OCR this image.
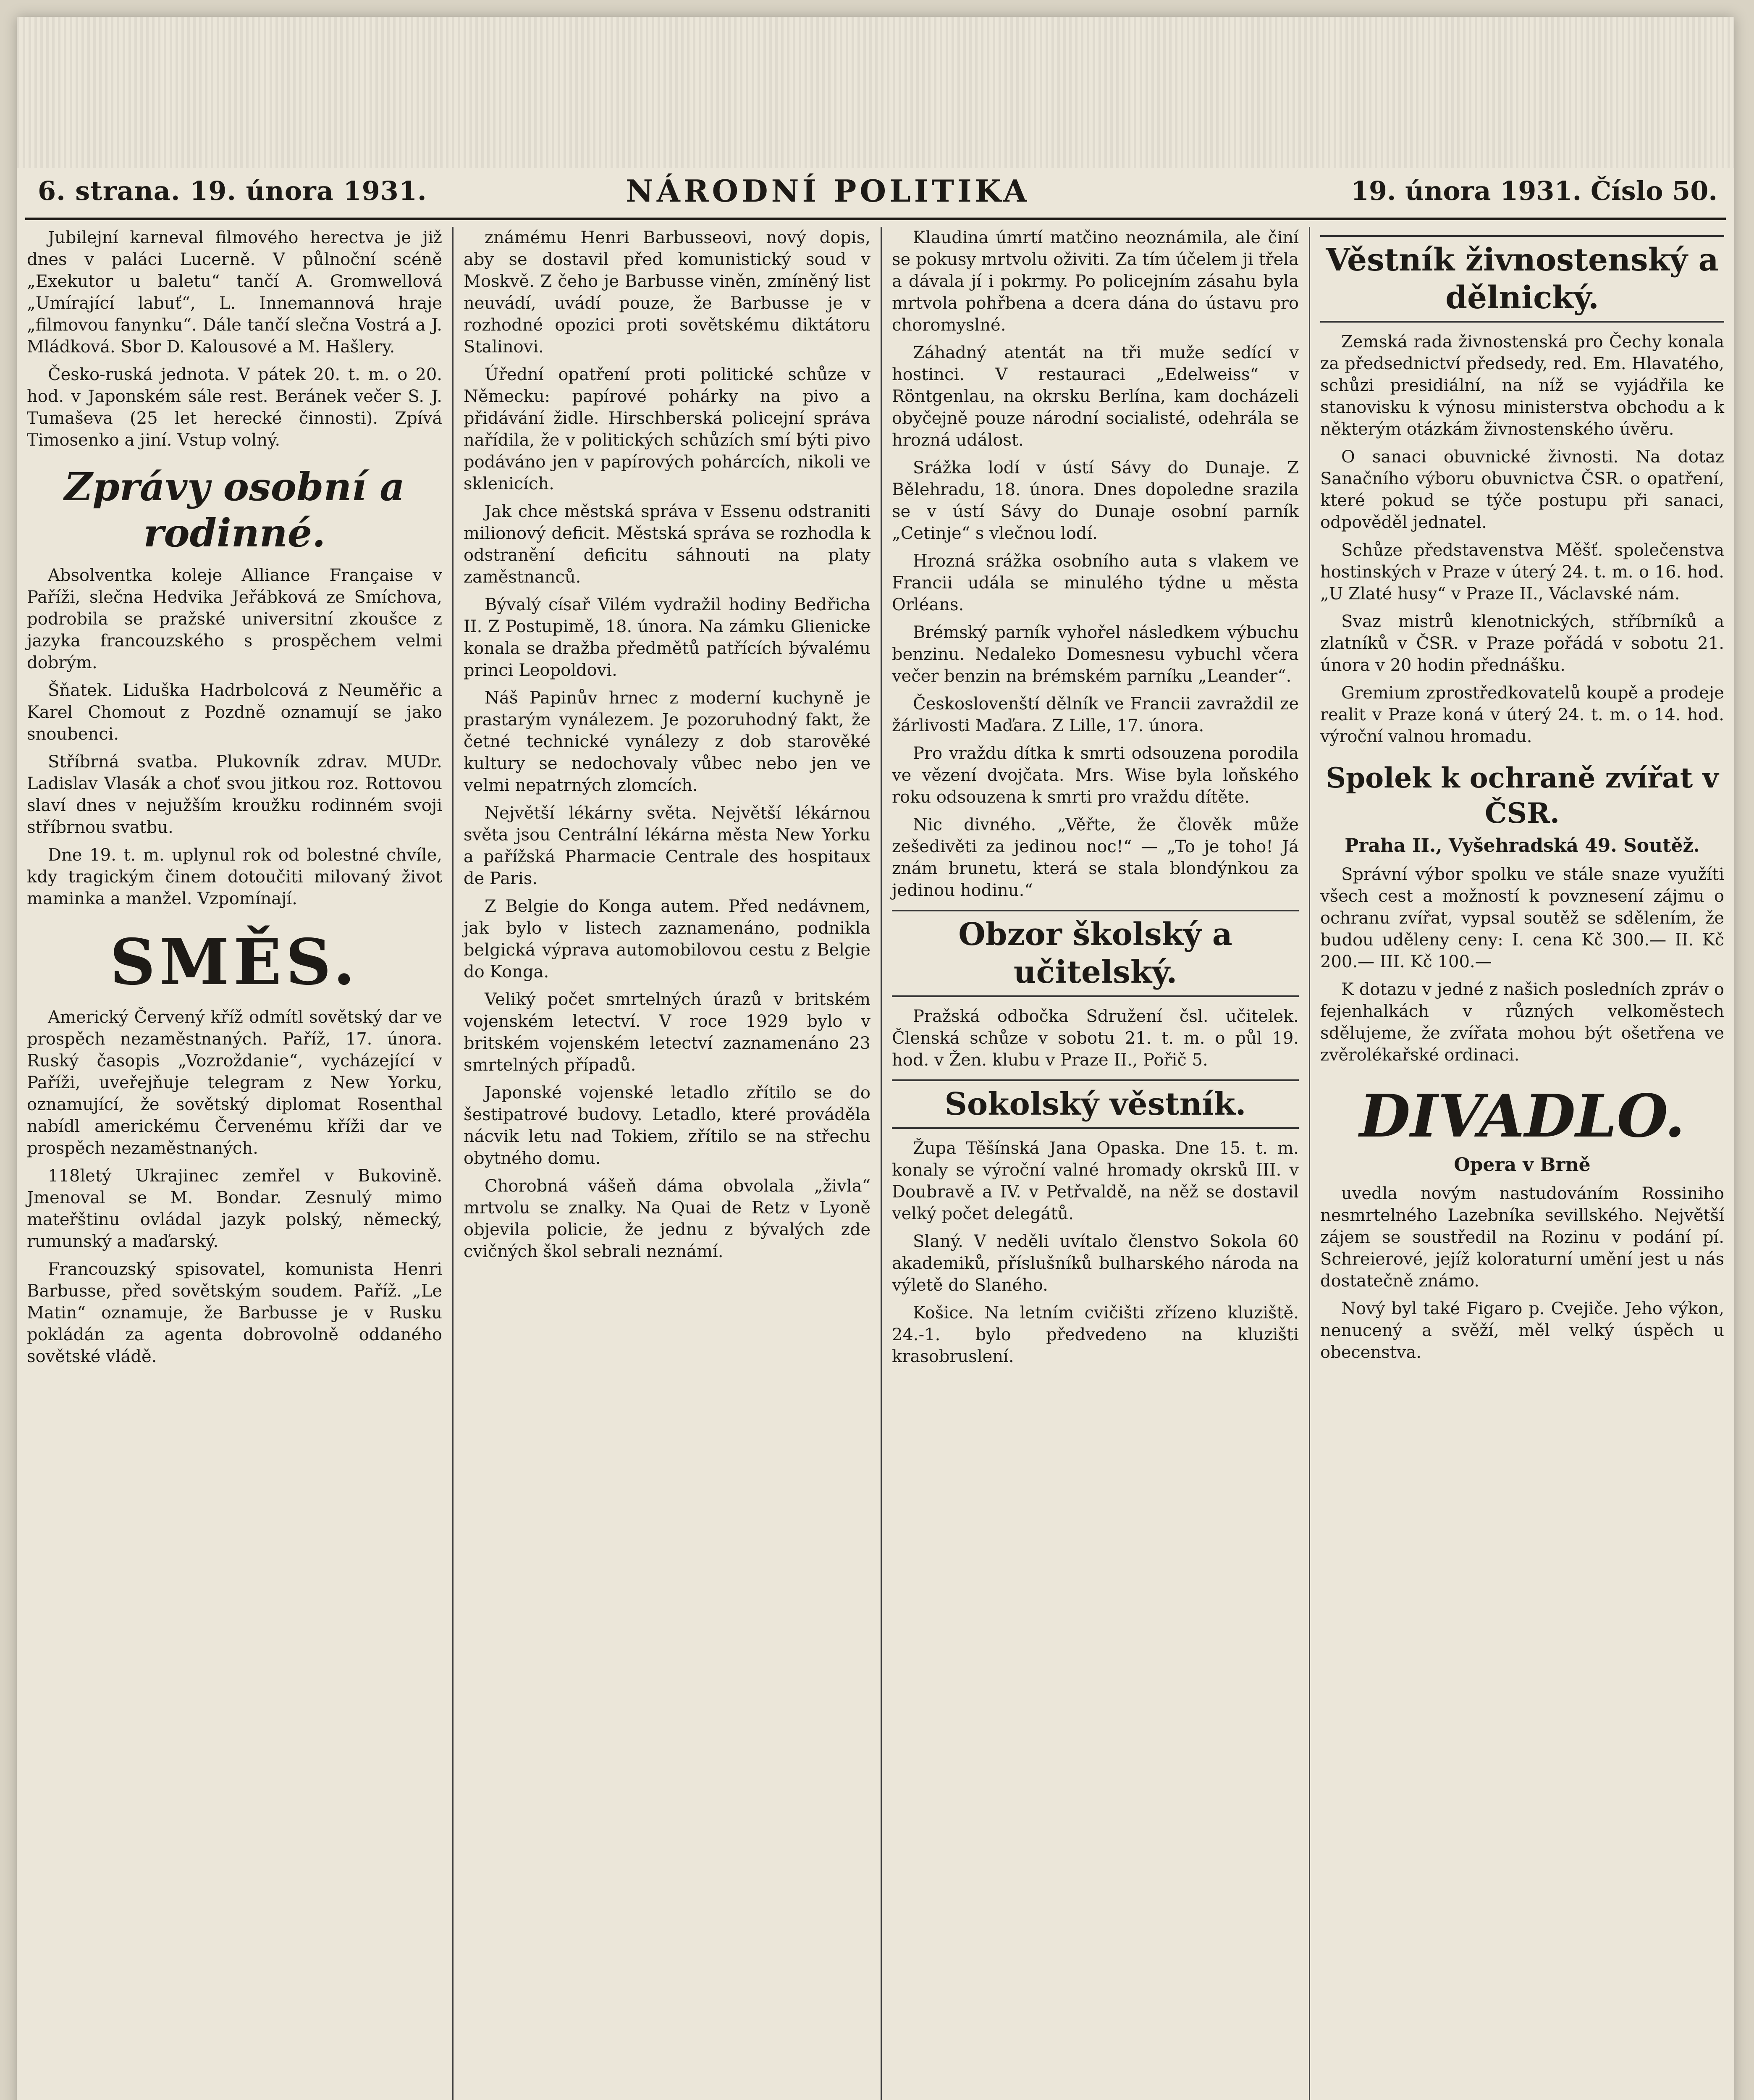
6. strana. 19. února 1931.	NÁRODNÍ POLITIKA	19. února 1931. Číslo 50.

Jubilejní karneval filmového herectva je již dnes v paláci Lucerně. V půlnoční scéně „Exekutor u baletu“ tančí A. Gromwellová „Umírající labuť“, L. Innemannová hraje „filmovou fanynku“. Dále tančí slečna Vostrá a J. Mládková. Sbor D. Kalousové a M. Hašlery.

Česko-ruská jednota. V pátek 20. t. m. o 20. hod. v Japonském sále rest. Beránek večer S. J. Tumaševa (25 let herecké činnosti). Zpívá Timosenko a jiní. Vstup volný.

Zprávy osobní a rodinné.

Absolventka koleje Alliance Française v Paříži, slečna Hedvika Jeřábková ze Smíchova, podrobila se pražské universitní zkoušce z jazyka francouzského s prospěchem velmi dobrým.

Šňatek. Liduška Hadrbolcová z Neuměřic a Karel Chomout z Pozdně oznamují se jako snoubenci.

Stříbrná svatba. Plukovník zdrav. MUDr. Ladislav Vlasák a choť svou jitkou roz. Rottovou slaví dnes v nejužším kroužku rodinném svoji stříbrnou svatbu.

Dne 19. t. m. uplynul rok od bolestné chvíle, kdy tragickým činem dotoučiti milovaný život maminka a manžel. Vzpomínají.

SMĚS.

Americký Červený kříž odmítl sovětský dar ve prospěch nezaměstnaných. Paříž, 17. února. Ruský časopis „Vozroždanie“, vycházející v Paříži, uveřejňuje telegram z New Yorku, oznamující, že sovětský diplomat Rosenthal nabídl americkému Červenému kříži dar ve prospěch nezaměstnaných.

118letý Ukrajinec zemřel v Bukovině. Jmenoval se M. Bondar. Zesnulý mimo mateřštinu ovládal jazyk polský, německý, rumunský a maďarský.

Francouzský spisovatel, komunista Henri Barbusse, před sovětským soudem. Paříž. „Le Matin“ oznamuje, že Barbusse je v Rusku pokládán za agenta dobrovolně oddaného sovětské vládě.

známému Henri Barbusseovi, nový dopis, aby se dostavil před komunistický soud v Moskvě. Z čeho je Barbusse viněn, zmíněný list neuvádí, uvádí pouze, že Barbusse je v rozhodné opozici proti sovětskému diktátoru Stalinovi.

Úřední opatření proti politické schůze v Německu: papírové pohárky na pivo a přidávání židle. Hirschberská policejní správa nařídila, že v politických schůzích smí býti pivo podáváno jen v papírových pohárcích, nikoli ve sklenicích.

Jak chce městská správa v Essenu odstraniti milionový deficit. Městská správa se rozhodla k odstranění deficitu sáhnouti na platy zaměstnanců.

Bývalý císař Vilém vydražil hodiny Bedřicha II. Z Postupimě, 18. února. Na zámku Glienicke konala se dražba předmětů patřících bývalému princi Leopoldovi.

Náš Papinův hrnec z moderní kuchyně je prastarým vynálezem. Je pozoruhodný fakt, že četné technické vynálezy z dob starověké kultury se nedochovaly vůbec nebo jen ve velmi nepatrných zlomcích.

Největší lékárny světa. Největší lékárnou světa jsou Centrální lékárna města New Yorku a pařížská Pharmacie Centrale des hospitaux de Paris.

Z Belgie do Konga autem. Před nedávnem, jak bylo v listech zaznamenáno, podnikla belgická výprava automobilovou cestu z Belgie do Konga.

Veliký počet smrtelných úrazů v britském vojenském letectví. V roce 1929 bylo v britském vojenském letectví zaznamenáno 23 smrtelných případů.

Japonské vojenské letadlo zřítilo se do šestipatrové budovy. Letadlo, které prováděla nácvik letu nad Tokiem, zřítilo se na střechu obytného domu.

Chorobná vášeň dáma obvolala „živla“ mrtvolu se znalky. Na Quai de Retz v Lyoně objevila policie, že jednu z bývalých zde cvičných škol sebrali neznámí.

Klaudina úmrtí matčino neoznámila, ale činí se pokusy mrtvolu oživiti. Za tím účelem ji třela a dávala jí i pokrmy. Po policejním zásahu byla mrtvola pohřbena a dcera dána do ústavu pro choromyslné.

Záhadný atentát na tři muže sedící v hostinci. V restauraci „Edelweiss“ v Röntgenlau, na okrsku Berlína, kam docházeli obyčejně pouze národní socialisté, odehrála se hrozná událost.

Srážka lodí v ústí Sávy do Dunaje. Z Bělehradu, 18. února. Dnes dopoledne srazila se v ústí Sávy do Dunaje osobní parník „Cetinje“ s vlečnou lodí.

Hrozná srážka osobního auta s vlakem ve Francii udála se minulého týdne u města Orléans.

Brémský parník vyhořel následkem výbuchu benzinu. Nedaleko Domesnesu vybuchl včera večer benzin na brémském parníku „Leander“.

Českoslovenští dělník ve Francii zavraždil ze žárlivosti Maďara. Z Lille, 17. února.

Pro vraždu dítka k smrti odsouzena porodila ve vězení dvojčata. Mrs. Wise byla loňského roku odsouzena k smrti pro vraždu dítěte.

Nic divného. „Věřte, že člověk může zešedivěti za jedinou noc!“ — „To je toho! Já znám brunetu, která se stala blondýnkou za jedinou hodinu.“

Obzor školský a učitelský.

Pražská odbočka Sdružení čsl. učitelek. Členská schůze v sobotu 21. t. m. o půl 19. hod. v Žen. klubu v Praze II., Pořič 5.

Sokolský věstník.

Župa Těšínská Jana Opaska. Dne 15. t. m. konaly se výroční valné hromady okrsků III. v Doubravě a IV. v Petřvaldě, na něž se dostavil velký počet delegátů.

Slaný. V neděli uvítalo členstvo Sokola 60 akademiků, příslušníků bulharského národa na výletě do Slaného.

Košice. Na letním cvičišti zřízeno kluziště. 24.-1. bylo předvedeno na kluzišti krasobruslení.

Věstník živnostenský a dělnický.

Zemská rada živnostenská pro Čechy konala za předsednictví předsedy, red. Em. Hlavatého, schůzi presidiální, na níž se vyjádřila ke stanovisku k výnosu ministerstva obchodu a k některým otázkám živnostenského úvěru.

O sanaci obuvnické živnosti. Na dotaz Sanačního výboru obuvnictva ČSR. o opatření, které pokud se týče postupu při sanaci, odpověděl jednatel.

Schůze představenstva Měšť. společenstva hostinských v Praze v úterý 24. t. m. o 16. hod. „U Zlaté husy“ v Praze II., Václavské nám.

Svaz mistrů klenotnických, stříbrníků a zlatníků v ČSR. v Praze pořádá v sobotu 21. února v 20 hodin přednášku.

Gremium zprostředkovatelů koupě a prodeje realit v Praze koná v úterý 24. t. m. o 14. hod. výroční valnou hromadu.

Spolek k ochraně zvířat v ČSR.
Praha II., Vyšehradská 49. Soutěž.

Správní výbor spolku ve stále snaze využíti všech cest a možností k povznesení zájmu o ochranu zvířat, vypsal soutěž se sdělením, že budou uděleny ceny: I. cena Kč 300.— II. Kč 200.— III. Kč 100.—

K dotazu v jedné z našich posledních zpráv o fejenhalkách v různých velkoměstech sdělujeme, že zvířata mohou být ošetřena ve zvěrolékařské ordinaci.

DIVADLO.
Opera v Brně

uvedla novým nastudováním Rossiniho nesmrtelného Lazebníka sevillského. Největší zájem se soustředil na Rozinu v podání pí. Schreierové, jejíž koloraturní umění jest u nás dostatečně známo.

Nový byl také Figaro p. Cvejiče. Jeho výkon, nenucený a svěží, měl velký úspěch u obecenstva.
